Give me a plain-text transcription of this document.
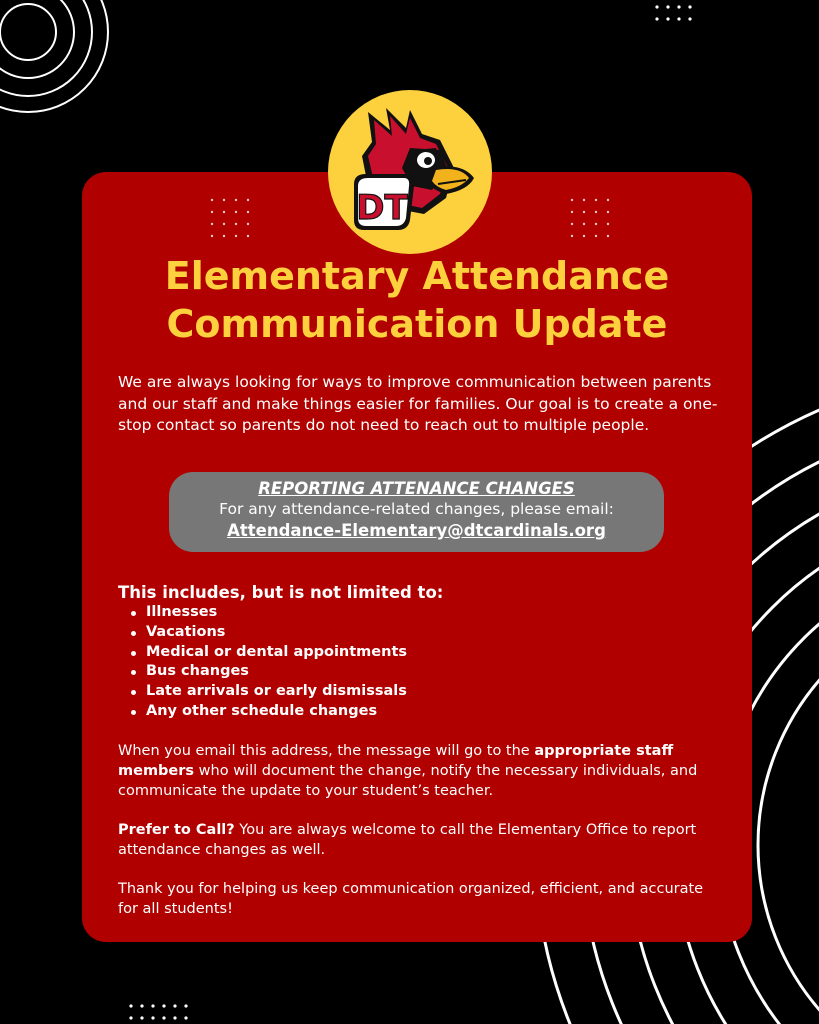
DT
Elementary Attendance
Communication Update

We are always looking for ways to improve communication between parents and our staff and make things easier for families. Our goal is to create a one-stop contact so parents do not need to reach out to multiple people.

REPORTING ATTENANCE CHANGES
For any attendance-related changes, please email:
Attendance-Elementary@dtcardinals.org

This includes, but is not limited to:

Illnesses
Vacations
Medical or dental appointments
Bus changes
Late arrivals or early dismissals
Any other schedule changes

When you email this address, the message will go to the appropriate staff members who will document the change, notify the necessary individuals, and communicate the update to your student’s teacher.

Prefer to Call? You are always welcome to call the Elementary Office to report attendance changes as well.

Thank you for helping us keep communication organized, efficient, and accurate for all students!
